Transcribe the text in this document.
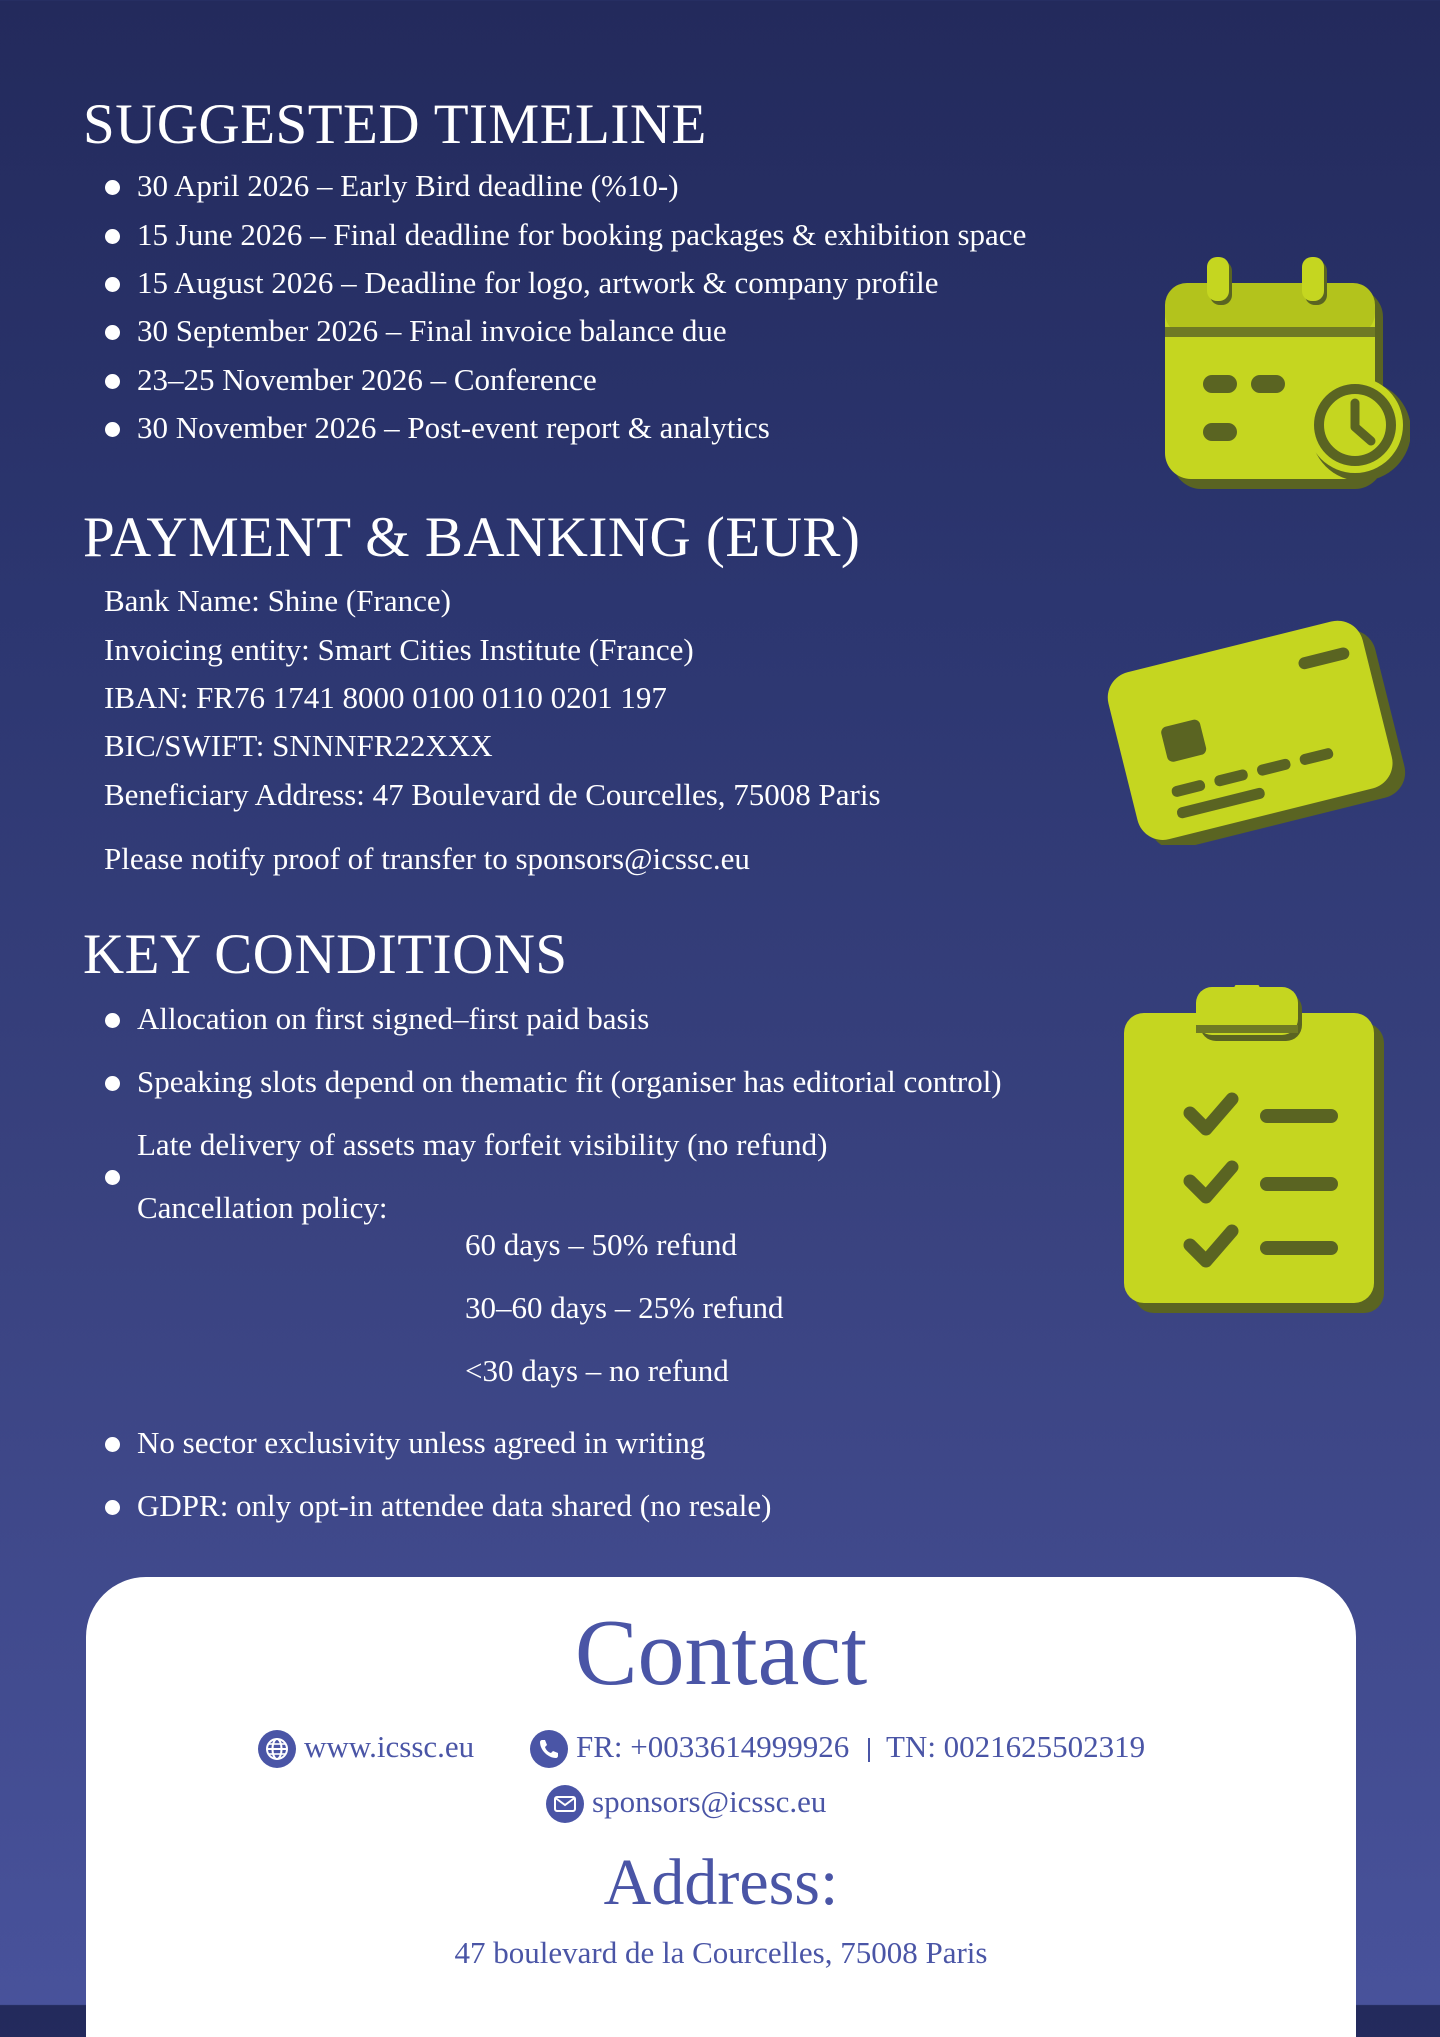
SUGGESTED TIMELINE
30 April 2026 – Early Bird deadline (%10-)
15 June 2026 – Final deadline for booking packages & exhibition space
15 August 2026 – Deadline for logo, artwork & company profile
30 September 2026 – Final invoice balance due
23–25 November 2026 – Conference
30 November 2026 – Post-event report & analytics
PAYMENT & BANKING (EUR)
Bank Name: Shine (France)
Invoicing entity: Smart Cities Institute (France)
IBAN: FR76 1741 8000 0100 0110 0201 197
BIC/SWIFT: SNNNFR22XXX
Beneficiary Address: 47 Boulevard de Courcelles, 75008 Paris
Please notify proof of transfer to sponsors@icssc.eu
KEY CONDITIONS
Allocation on first signed–first paid basis
Speaking slots depend on thematic fit (organiser has editorial control)
Late delivery of assets may forfeit visibility (no refund)
Cancellation policy:
60 days – 50% refund
30–60 days – 25% refund
<30 days – no refund
No sector exclusivity unless agreed in writing
GDPR: only opt-in attendee data shared (no resale)
Contact
www.icssc.eu	FR: +0033614999926 TN: 0021625502319
sponsors@icssc.eu
Address:
47 boulevard de la Courcelles, 75008 Paris
